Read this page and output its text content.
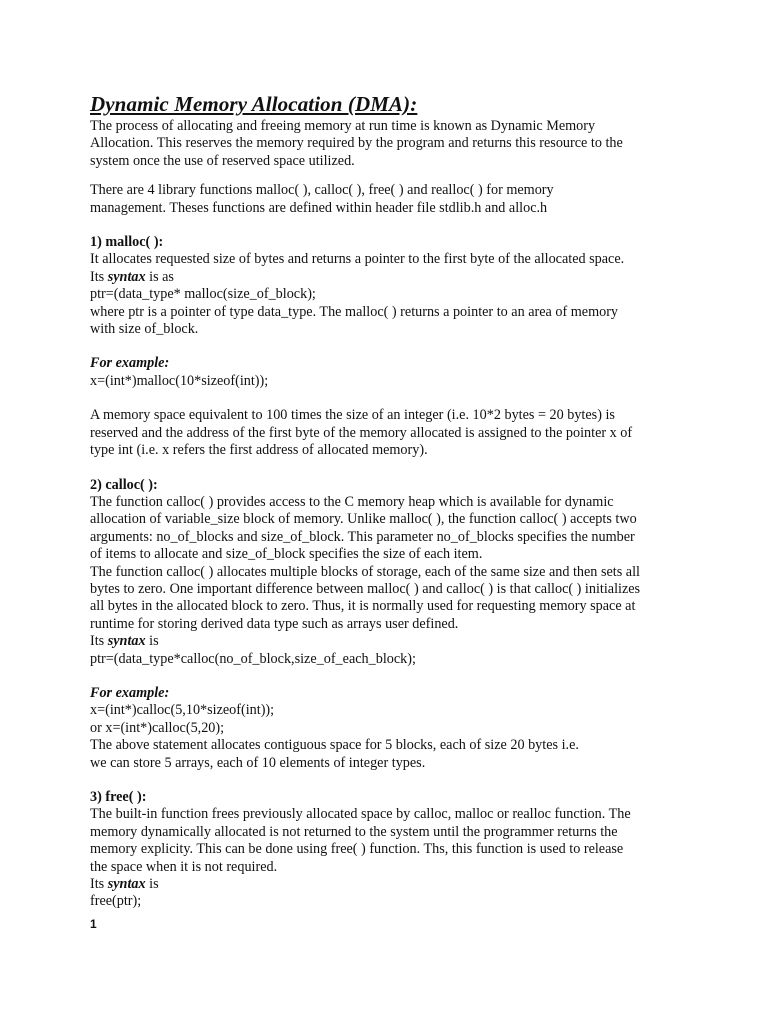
Dynamic Memory Allocation (DMA):

The process of allocating and freeing memory at run time is known as Dynamic Memory

Allocation. This reserves the memory required by the program and returns this resource to the

system once the use of reserved space utilized.

There are 4 library functions malloc( ), calloc( ), free( ) and realloc( ) for memory

management. Theses functions are defined within header file stdlib.h and alloc.h

1) malloc( ):

It allocates requested size of bytes and returns a pointer to the first byte of the allocated space.

Its syntax is as

ptr=(data_type* malloc(size_of_block);

where ptr is a pointer of type data_type. The malloc( ) returns a pointer to an area of memory

with size of_block.

For example:

x=(int*)malloc(10*sizeof(int));

A memory space equivalent to 100 times the size of an integer (i.e. 10*2 bytes = 20 bytes) is

reserved and the address of the first byte of the memory allocated is assigned to the pointer x of

type int (i.e. x refers the first address of allocated memory).

2) calloc( ):

The function calloc( ) provides access to the C memory heap which is available for dynamic

allocation of variable_size block of memory. Unlike malloc( ), the function calloc( ) accepts two

arguments: no_of_blocks and size_of_block. This parameter no_of_blocks specifies the number

of items to allocate and size_of_block specifies the size of each item.

The function calloc( ) allocates multiple blocks of storage, each of the same size and then sets all

bytes to zero. One important difference between malloc( ) and calloc( ) is that calloc( ) initializes

all bytes in the allocated block to zero. Thus, it is normally used for requesting memory space at

runtime for storing derived data type such as arrays user defined.

Its syntax is

ptr=(data_type*calloc(no_of_block,size_of_each_block);

For example:

x=(int*)calloc(5,10*sizeof(int));

or x=(int*)calloc(5,20);

The above statement allocates contiguous space for 5 blocks, each of size 20 bytes i.e.

we can store 5 arrays, each of 10 elements of integer types.

3) free( ):

The built-in function frees previously allocated space by calloc, malloc or realloc function. The

memory dynamically allocated is not returned to the system until the programmer returns the

memory explicity. This can be done using free( ) function. Ths, this function is used to release

the space when it is not required.

Its syntax is

free(ptr);

1
